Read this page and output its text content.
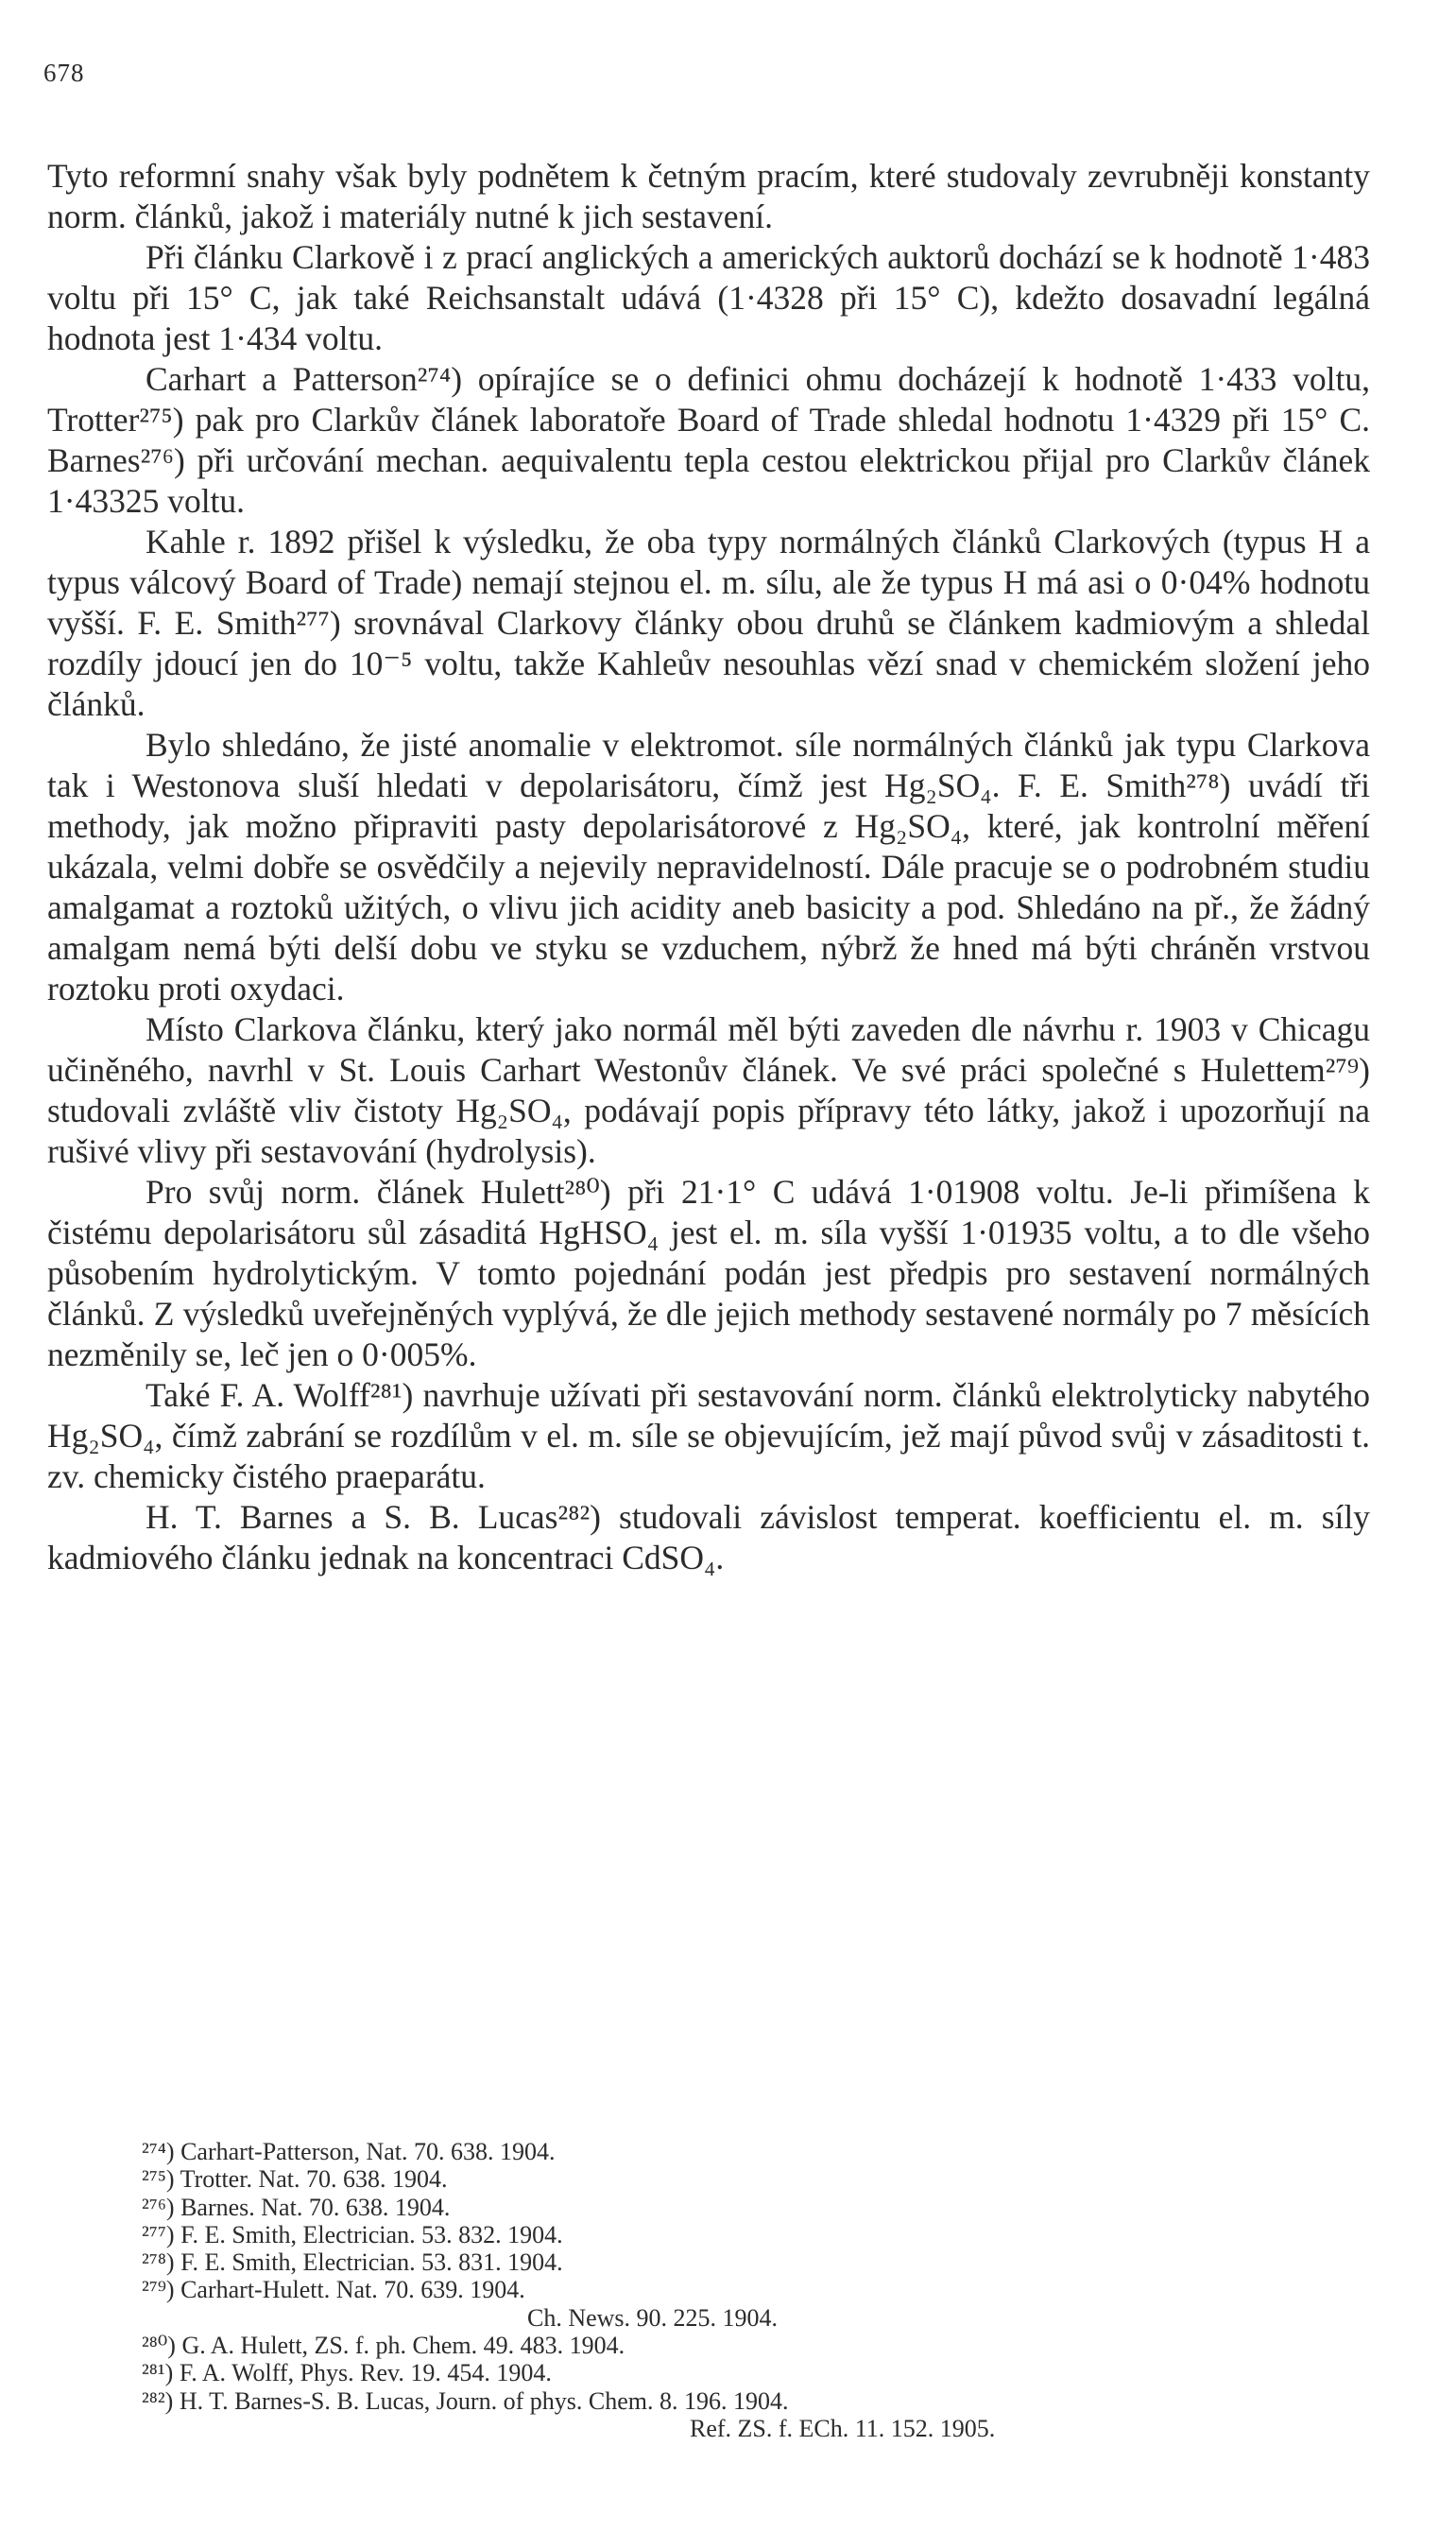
678

Tyto reformní snahy však byly podnětem k četným pracím, které studovaly zevrubněji konstanty norm. článků, jakož i materiály nutné k jich sestavení.

Při článku Clarkově i z prací anglických a amerických auktorů dochází se k hodnotě 1·483 voltu při 15° C, jak také Reichsanstalt udává (1·4328 při 15° C), kdežto dosavadní legálná hodnota jest 1·434 voltu.

Carhart a Patterson²⁷⁴) opírajíce se o definici ohmu docházejí k hodnotě 1·433 voltu, Trotter²⁷⁵) pak pro Clarkův článek laboratoře Board of Trade shledal hodnotu 1·4329 při 15° C. Barnes²⁷⁶) při určování mechan. aequivalentu tepla cestou elektrickou přijal pro Clarkův článek 1·43325 voltu.

Kahle r. 1892 přišel k výsledku, že oba typy normálných článků Clarkových (typus H a typus válcový Board of Trade) nemají stejnou el. m. sílu, ale že typus H má asi o 0·04% hodnotu vyšší. F. E. Smith²⁷⁷) srovnával Clarkovy články obou druhů se článkem kadmiovým a shledal rozdíly jdoucí jen do 10⁻⁵ voltu, takže Kahleův nesouhlas vězí snad v chemickém složení jeho článků.

Bylo shledáno, že jisté anomalie v elektromot. síle normálných článků jak typu Clarkova tak i Westonova sluší hledati v depolarisátoru, čímž jest Hg₂SO₄. F. E. Smith²⁷⁸) uvádí tři methody, jak možno připraviti pasty depolarisátorové z Hg₂SO₄, které, jak kontrolní měření ukázala, velmi dobře se osvědčily a nejevily nepravidelností. Dále pracuje se o podrobném studiu amalgamat a roztoků užitých, o vlivu jich acidity aneb basicity a pod. Shledáno na př., že žádný amalgam nemá býti delší dobu ve styku se vzduchem, nýbrž že hned má býti chráněn vrstvou roztoku proti oxydaci.

Místo Clarkova článku, který jako normál měl býti zaveden dle návrhu r. 1903 v Chicagu učiněného, navrhl v St. Louis Carhart Westonův článek. Ve své práci společné s Hulettem²⁷⁹) studovali zvláště vliv čistoty Hg₂SO₄, podávají popis přípravy této látky, jakož i upozorňují na rušivé vlivy při sestavování (hydrolysis).

Pro svůj norm. článek Hulett²⁸⁰) při 21·1° C udává 1·01908 voltu. Je-li přimíšena k čistému depolarisátoru sůl zásaditá HgHSO₄ jest el. m. síla vyšší 1·01935 voltu, a to dle všeho působením hydrolytickým. V tomto pojednání podán jest předpis pro sestavení normálných článků. Z výsledků uveřejněných vyplývá, že dle jejich methody sestavené normály po 7 měsících nezměnily se, leč jen o 0·005%.

Také F. A. Wolff²⁸¹) navrhuje užívati při sestavování norm. článků elektrolyticky nabytého Hg₂SO₄, čímž zabrání se rozdílům v el. m. síle se objevujícím, jež mají původ svůj v zásaditosti t. zv. chemicky čistého praeparátu.

H. T. Barnes a S. B. Lucas²⁸²) studovali závislost temperat. koefficientu el. m. síly kadmiového článku jednak na koncentraci CdSO₄.

²⁷⁴) Carhart-Patterson, Nat. 70. 638. 1904.
²⁷⁵) Trotter. Nat. 70. 638. 1904.
²⁷⁶) Barnes. Nat. 70. 638. 1904.
²⁷⁷) F. E. Smith, Electrician. 53. 832. 1904.
²⁷⁸) F. E. Smith, Electrician. 53. 831. 1904.
²⁷⁹) Carhart-Hulett. Nat. 70. 639. 1904.
Ch. News. 90. 225. 1904.
²⁸⁰) G. A. Hulett, ZS. f. ph. Chem. 49. 483. 1904.
²⁸¹) F. A. Wolff, Phys. Rev. 19. 454. 1904.
²⁸²) H. T. Barnes-S. B. Lucas, Journ. of phys. Chem. 8. 196. 1904.
Ref. ZS. f. ECh. 11. 152. 1905.
